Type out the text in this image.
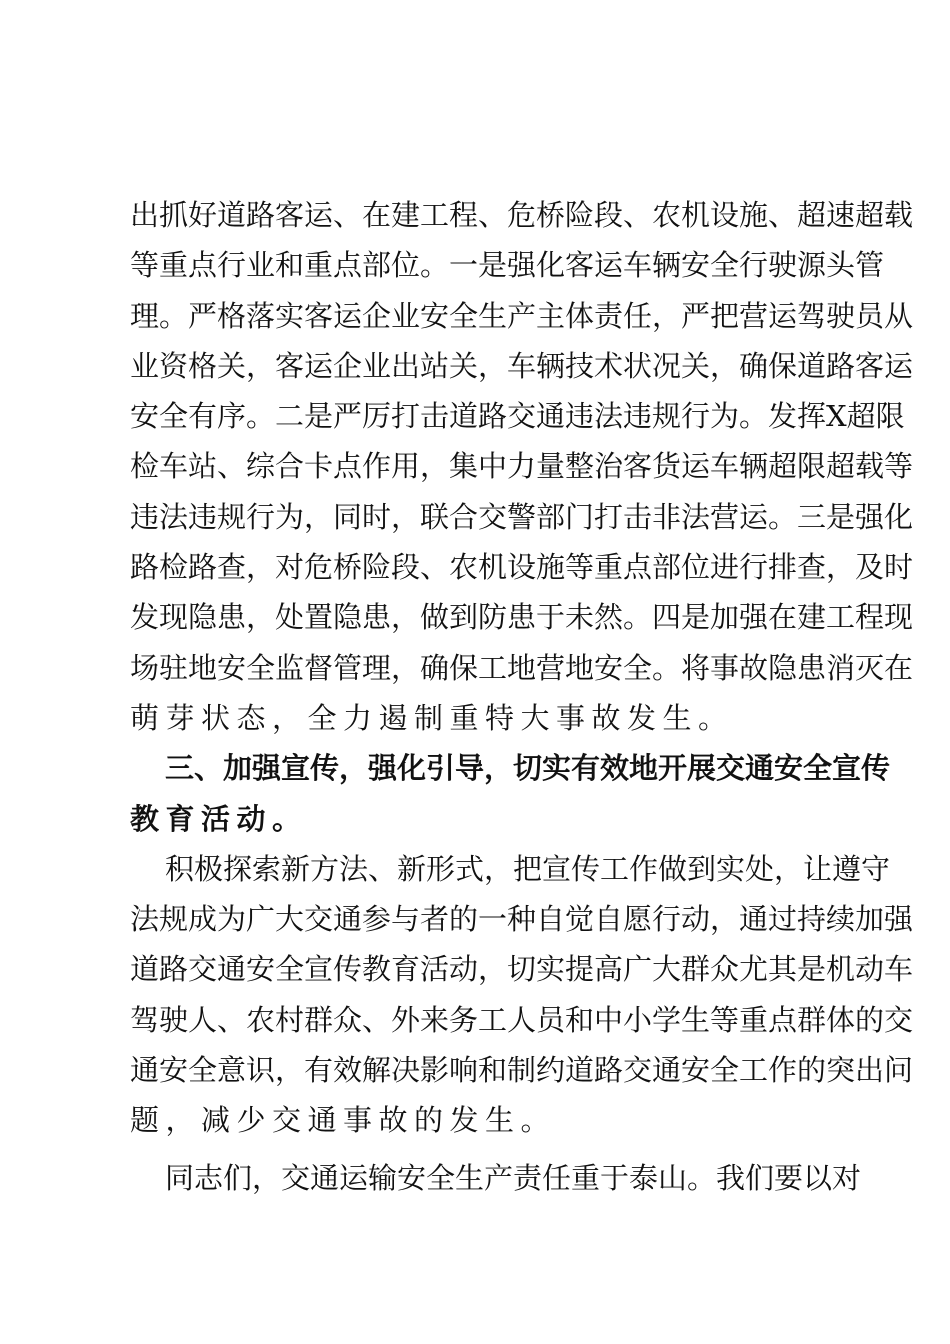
出抓好道路客运、在建工程、危桥险段、农机设施、超速超载
等重点行业和重点部位。一是强化客运车辆安全行驶源头管
理。严格落实客运企业安全生产主体责任，严把营运驾驶员从
业资格关，客运企业出站关，车辆技术状况关，确保道路客运
安全有序。二是严厉打击道路交通违法违规行为。发挥X超限
检车站、综合卡点作用，集中力量整治客货运车辆超限超载等
违法违规行为，同时，联合交警部门打击非法营运。三是强化
路检路查，对危桥险段、农机设施等重点部位进行排查，及时
发现隐患，处置隐患，做到防患于未然。四是加强在建工程现
场驻地安全监督管理，确保工地营地安全。将事故隐患消灭在
萌芽状态，全力遏制重特大事故发生。
三、加强宣传，强化引导，切实有效地开展交通安全宣传
教育活动。
积极探索新方法、新形式，把宣传工作做到实处，让遵守
法规成为广大交通参与者的一种自觉自愿行动，通过持续加强
道路交通安全宣传教育活动，切实提高广大群众尤其是机动车
驾驶人、农村群众、外来务工人员和中小学生等重点群体的交
通安全意识，有效解决影响和制约道路交通安全工作的突出问
题，减少交通事故的发生。
同志们，交通运输安全生产责任重于泰山。我们要以对
